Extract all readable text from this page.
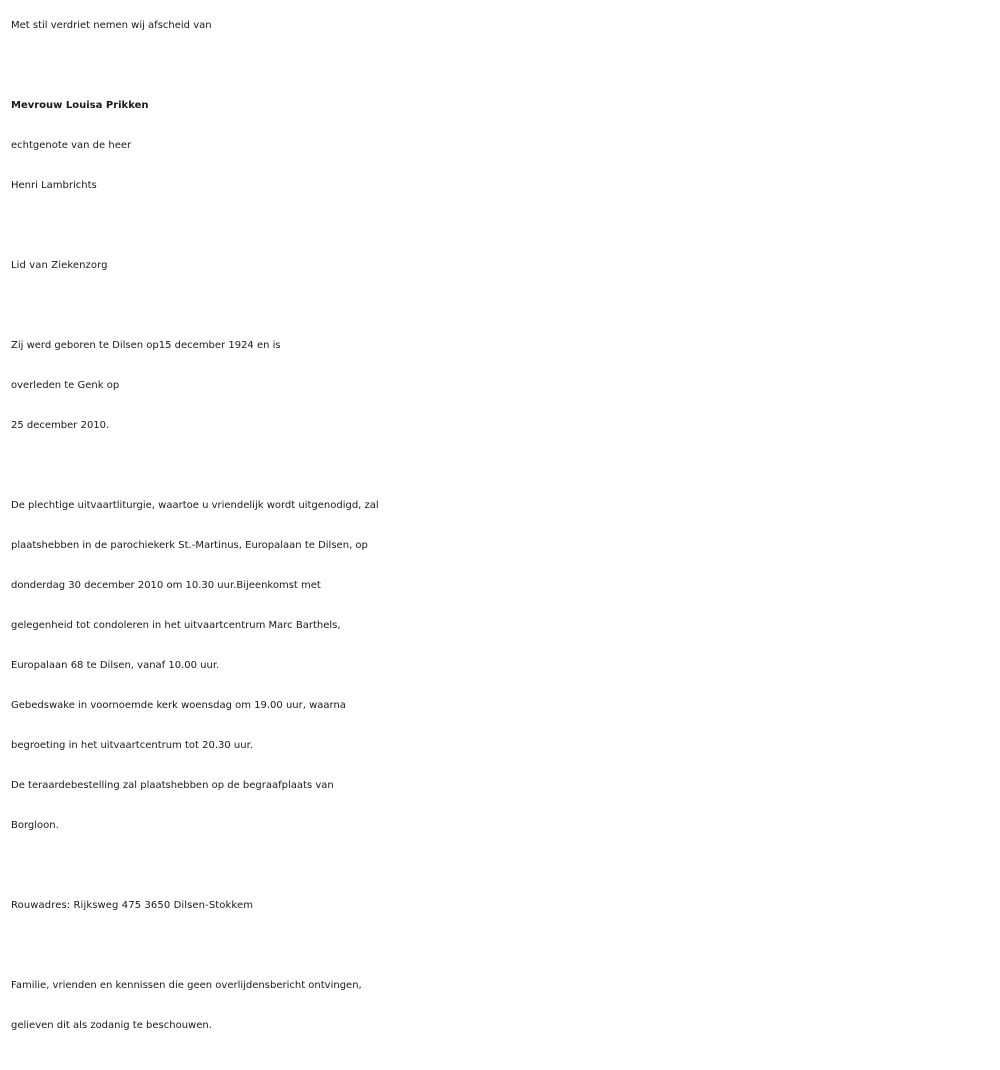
Met stil verdriet nemen wij afscheid van
Mevrouw Louisa Prikken
echtgenote van de heer
Henri Lambrichts
Lid van Ziekenzorg
Zij werd geboren te Dilsen op15 december 1924 en is
overleden te Genk op
25 december 2010.
De plechtige uitvaartliturgie, waartoe u vriendelijk wordt uitgenodigd, zal
plaatshebben in de parochiekerk St.-Martinus, Europalaan te Dilsen, op
donderdag 30 december 2010 om 10.30 uur.Bijeenkomst met
gelegenheid tot condoleren in het uitvaartcentrum Marc Barthels,
Europalaan 68 te Dilsen, vanaf 10.00 uur.
Gebedswake in voornoemde kerk woensdag om 19.00 uur, waarna
begroeting in het uitvaartcentrum tot 20.30 uur.
De teraardebestelling zal plaatshebben op de begraafplaats van
Borgloon.
Rouwadres: Rijksweg 475 3650 Dilsen-Stokkem
Familie, vrienden en kennissen die geen overlijdensbericht ontvingen,
gelieven dit als zodanig te beschouwen.
